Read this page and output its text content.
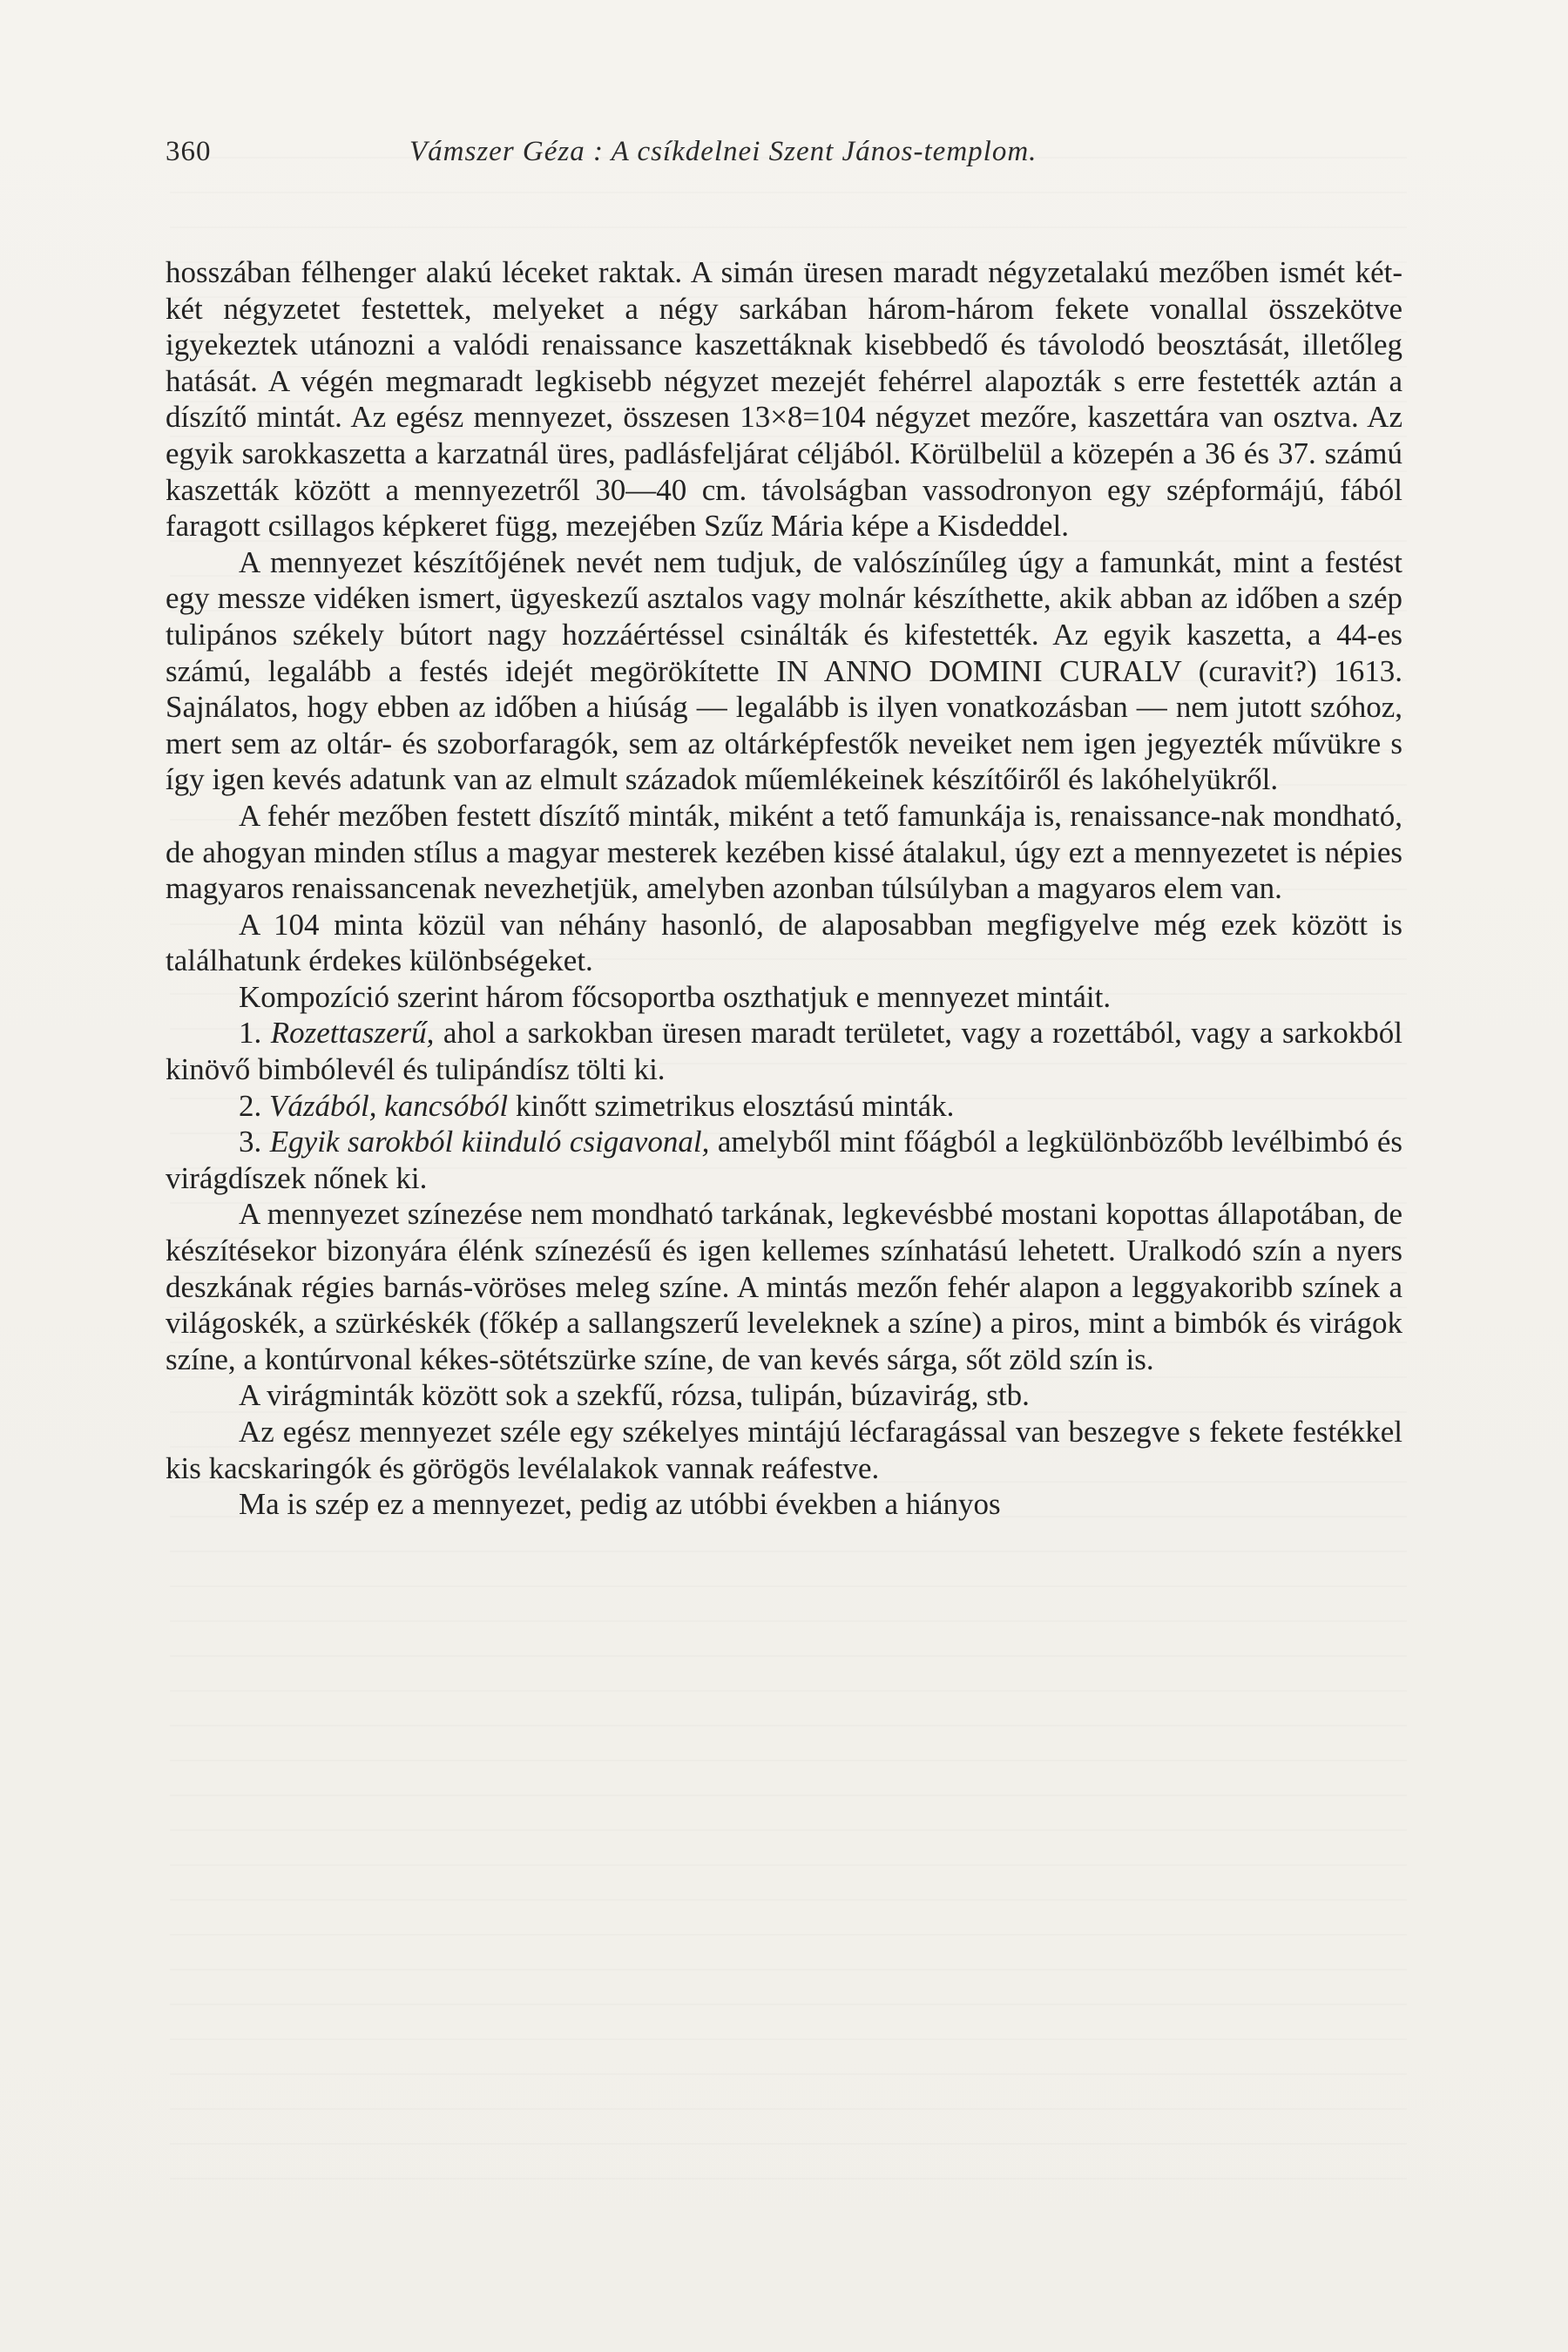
360	Vámszer Géza : A csíkdelnei Szent János-templom.

hosszában félhenger alakú léceket raktak. A simán üresen maradt négyzetalakú mezőben ismét két-két négyzetet festettek, melyeket a négy sarkában három-három fekete vonallal összekötve igyekeztek utánozni a valódi renaissance kaszettáknak kisebbedő és távolodó beosztását, illetőleg hatását. A végén megmaradt legkisebb négyzet mezejét fehérrel alapozták s erre festették aztán a díszítő mintát. Az egész mennyezet, összesen 13×8=104 négyzet mezőre, kaszettára van osztva. Az egyik sarokkaszetta a karzatnál üres, padlásfeljárat céljából. Körülbelül a közepén a 36 és 37. számú kaszetták között a mennyezetről 30—40 cm. távolságban vassodronyon egy szépformájú, fából faragott csillagos képkeret függ, mezejében Szűz Mária képe a Kisdeddel.

A mennyezet készítőjének nevét nem tudjuk, de valószínűleg úgy a famunkát, mint a festést egy messze vidéken ismert, ügyeskezű asztalos vagy molnár készíthette, akik abban az időben a szép tulipános székely bútort nagy hozzáértéssel csinálták és kifestették. Az egyik kaszetta, a 44-es számú, legalább a festés idejét megörökítette IN ANNO DOMINI CURALV (curavit?) 1613. Sajnálatos, hogy ebben az időben a hiúság — legalább is ilyen vonatkozásban — nem jutott szóhoz, mert sem az oltár- és szoborfaragók, sem az oltárképfestők neveiket nem igen jegyezték művükre s így igen kevés adatunk van az elmult századok műemlékeinek készítőiről és lakóhelyükről.

A fehér mezőben festett díszítő minták, miként a tető famunkája is, renaissance-nak mondható, de ahogyan minden stílus a magyar mesterek kezében kissé átalakul, úgy ezt a mennyezetet is népies magyaros renaissancenak nevezhetjük, amelyben azonban túlsúlyban a magyaros elem van.

A 104 minta közül van néhány hasonló, de alaposabban megfigyelve még ezek között is találhatunk érdekes különbségeket.

Kompozíció szerint három főcsoportba oszthatjuk e mennyezet mintáit.

1. Rozettaszerű, ahol a sarkokban üresen maradt területet, vagy a rozettából, vagy a sarkokból kinövő bimbólevél és tulipándísz tölti ki.

2. Vázából, kancsóból kinőtt szimetrikus elosztású minták.

3. Egyik sarokból kiinduló csigavonal, amelyből mint főágból a legkülönbözőbb levélbimbó és virágdíszek nőnek ki.

A mennyezet színezése nem mondható tarkának, legkevésbbé mostani kopottas állapotában, de készítésekor bizonyára élénk színezésű és igen kellemes színhatású lehetett. Uralkodó szín a nyers deszkának régies barnás-vöröses meleg színe. A mintás mezőn fehér alapon a leggyakoribb színek a világoskék, a szürkéskék (főkép a sallangszerű leveleknek a színe) a piros, mint a bimbók és virágok színe, a kontúrvonal kékes-sötétszürke színe, de van kevés sárga, sőt zöld szín is.

A virágminták között sok a szekfű, rózsa, tulipán, búzavirág, stb.

Az egész mennyezet széle egy székelyes mintájú lécfaragással van beszegve s fekete festékkel kis kacskaringók és görögös levélalakok vannak reáfestve.

Ma is szép ez a mennyezet, pedig az utóbbi években a hiányos
